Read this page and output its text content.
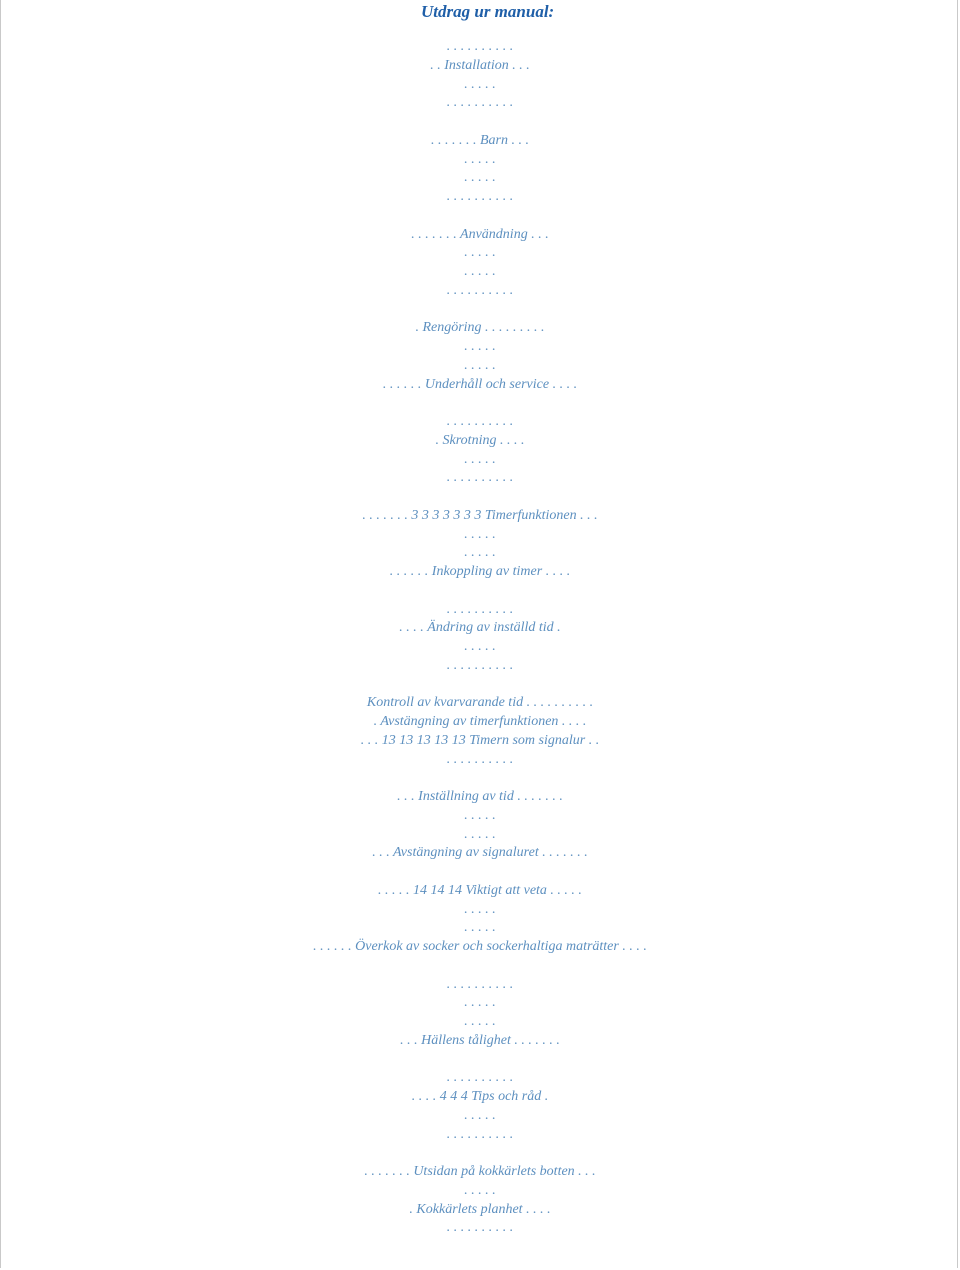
Utdrag ur manual:
. . . . . . . . . .
. . Installation . . .
. . . . .
. . . . . . . . . .
. . . . . . . Barn . . .
. . . . .
. . . . .
. . . . . . . . . .
. . . . . . . Användning . . .
. . . . .
. . . . .
. . . . . . . . . .
. Rengöring . . . . . . . . .
. . . . .
. . . . .
. . . . . . Underhåll och service . . . .
. . . . . . . . . .
. Skrotning . . . .
. . . . .
. . . . . . . . . .
. . . . . . . 3 3 3 3 3 3 3 Timerfunktionen . . .
. . . . .
. . . . .
. . . . . . Inkoppling av timer . . . .
. . . . . . . . . .
. . . . Ändring av inställd tid .
. . . . .
. . . . . . . . . .
Kontroll av kvarvarande tid . . . . . . . . . .
. Avstängning av timerfunktionen . . . .
. . . 13 13 13 13 13 Timern som signalur . .
. . . . . . . . . .
. . . Inställning av tid . . . . . . .
. . . . .
. . . . .
. . . Avstängning av signaluret . . . . . . .
. . . . . 14 14 14 Viktigt att veta . . . . .
. . . . .
. . . . .
. . . . . . Överkok av socker och sockerhaltiga maträtter . . . .
. . . . . . . . . .
. . . . .
. . . . .
. . . Hällens tålighet . . . . . . .
. . . . . . . . . .
. . . . 4 4 4 Tips och råd .
. . . . .
. . . . . . . . . .
. . . . . . . Utsidan på kokkärlets botten . . .
. . . . .
. Kokkärlets planhet . . . .
. . . . . . . . . .
